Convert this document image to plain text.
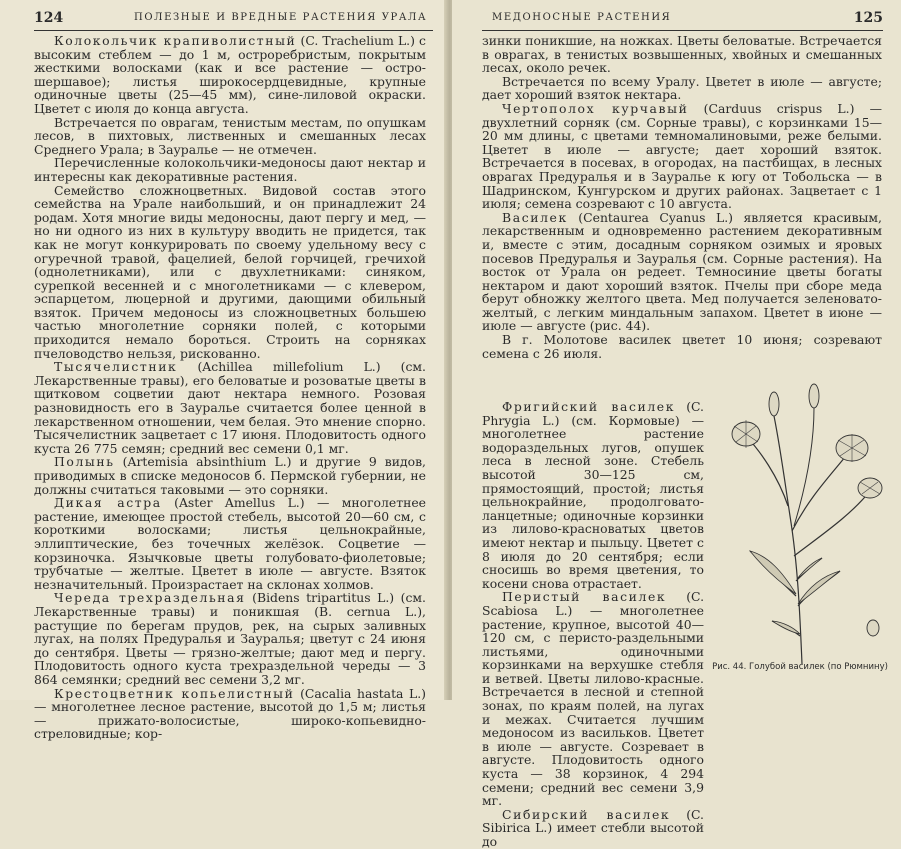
124	ПОЛЕЗНЫЕ И ВРЕДНЫЕ РАСТЕНИЯ УРАЛА

Колокольчик крапиволистный (C. Trachelium L.) с высоким стеблем — до 1 м, остроребристым, покрытым жесткими волосками (как и все растение — остро-шершавое); листья широкосердцевидные, крупные одиночные цветы (25—45 мм), сине-лиловой окраски. Цветет с июля до конца августа.

Встречается по оврагам, тенистым местам, по опушкам лесов, в пихтовых, лиственных и смешанных лесах Среднего Урала; в Зауралье — не отмечен.

Перечисленные колокольчики-медоносы дают нектар и интересны как декоративные растения.

Семейство сложноцветных. Видовой состав этого семейства на Урале наибольший, и он принадлежит 24 родам. Хотя многие виды медоносны, дают пергу и мед, — но ни одного из них в культуру вводить не придется, так как не могут конкурировать по своему удельному весу с огуречной травой, фацелией, белой горчицей, гречихой (однолетниками), или с двухлетниками: синяком, сурепкой весенней и с многолетниками — с клевером, эспарцетом, люцерной и другими, дающими обильный взяток. Причем медоносы из сложноцветных большею частью многолетние сорняки полей, с которыми приходится немало бороться. Строить на сорняках пчеловодство нельзя, рискованно.

Тысячелистник (Achillea millefolium L.) (см. Лекарственные травы), его беловатые и розоватые цветы в щитковом соцветии дают нектара немного. Розовая разновидность его в Зауралье считается более ценной в лекарственном отношении, чем белая. Это мнение спорно. Тысячелистник зацветает с 17 июня. Плодовитость одного куста 26 775 семян; средний вес семени 0,1 мг.

Полынь (Artemisia absinthium L.) и другие 9 видов, приводимых в списке медоносов б. Пермской губернии, не должны считаться таковыми — это сорняки.

Дикая астра (Aster Amellus L.) — многолетнее растение, имеющее простой стебель, высотой 20—60 см, с короткими волосками; листья цельнокрайные, эллиптические, без точечных желёзок. Соцветие — корзиночка. Язычковые цветы голубовато-фиолетовые; трубчатые — желтые. Цветет в июле — августе. Взяток незначительный. Произрастает на склонах холмов.

Череда трехраздельная (Bidens tripartitus L.) (см. Лекарственные травы) и поникшая (B. cernua L.), растущие по берегам прудов, рек, на сырых заливных лугах, на полях Предуралья и Зауралья; цветут с 24 июня до сентября. Цветы — грязно-желтые; дают мед и пергу. Плодовитость одного куста трехраздельной череды — 3 864 семянки; средний вес семени 3,2 мг.

Крестоцветник копьелистный (Cacalia hastata L.) — многолетнее лесное растение, высотой до 1,5 м; листья — прижато-волосистые, широко-копьевидно-стреловидные; кор-

МЕДОНОСНЫЕ РАСТЕНИЯ	125

зинки поникшие, на ножках. Цветы беловатые. Встречается в оврагах, в тенистых возвышенных, хвойных и смешанных лесах, около речек.

Встречается по всему Уралу. Цветет в июле — августе; дает хороший взяток нектара.

Чертополох курчавый (Carduus crispus L.) — двухлетний сорняк (см. Сорные травы), с корзинками 15—20 мм длины, с цветами темномалиновыми, реже белыми. Цветет в июле — августе; дает хороший взяток. Встречается в посевах, в огородах, на пастбищах, в лесных оврагах Предуралья и в Зауралье к югу от Тобольска — в Шадринском, Кунгурском и других районах. Зацветает с 1 июля; семена созревают с 10 августа.

Василек (Centaurea Cyanus L.) является красивым, лекарственным и одновременно растением декоративным и, вместе с этим, досадным сорняком озимых и яровых посевов Предуралья и Зауралья (см. Сорные растения). На восток от Урала он редеет. Темносиние цветы богаты нектаром и дают хороший взяток. Пчелы при сборе меда берут обножку желтого цвета. Мед получается зеленовато-желтый, с легким миндальным запахом. Цветет в июне — июле — августе (рис. 44).

В г. Молотове василек цветет 10 июня; созревают семена с 26 июля.

Фригийский василек (C. Phrygia L.) (см. Кормовые) — многолетнее растение водораздельных лугов, опушек леса в лесной зоне. Стебель высотой 30—125 см, прямостоящий, простой; листья цельнокрайние, продолговато-ланцетные; одиночные корзинки из лилово-красноватых цветов имеют нектар и пыльцу. Цветет с 8 июля до 20 сентября; если сносишь во время цветения, то косени снова отрастает.

Перистый василек (C. Scabiosa L.) — многолетнее растение, крупное, высотой 40—120 см, с перисто-раздельными листьями, одиночными корзинками на верхушке стебля и ветвей. Цветы лилово-красные. Встречается в лесной и степной зонах, по краям полей, на лугах и межах. Считается лучшим медоносом из васильков. Цветет в июле — августе. Созревает в августе. Плодовитость одного куста — 38 корзинок, 4 294 семени; средний вес семени 3,9 мг.

Сибирский василек (C. Sibirica L.) имеет стебли высотой до

Рис. 44. Голубой василек (по Рюмнину)
